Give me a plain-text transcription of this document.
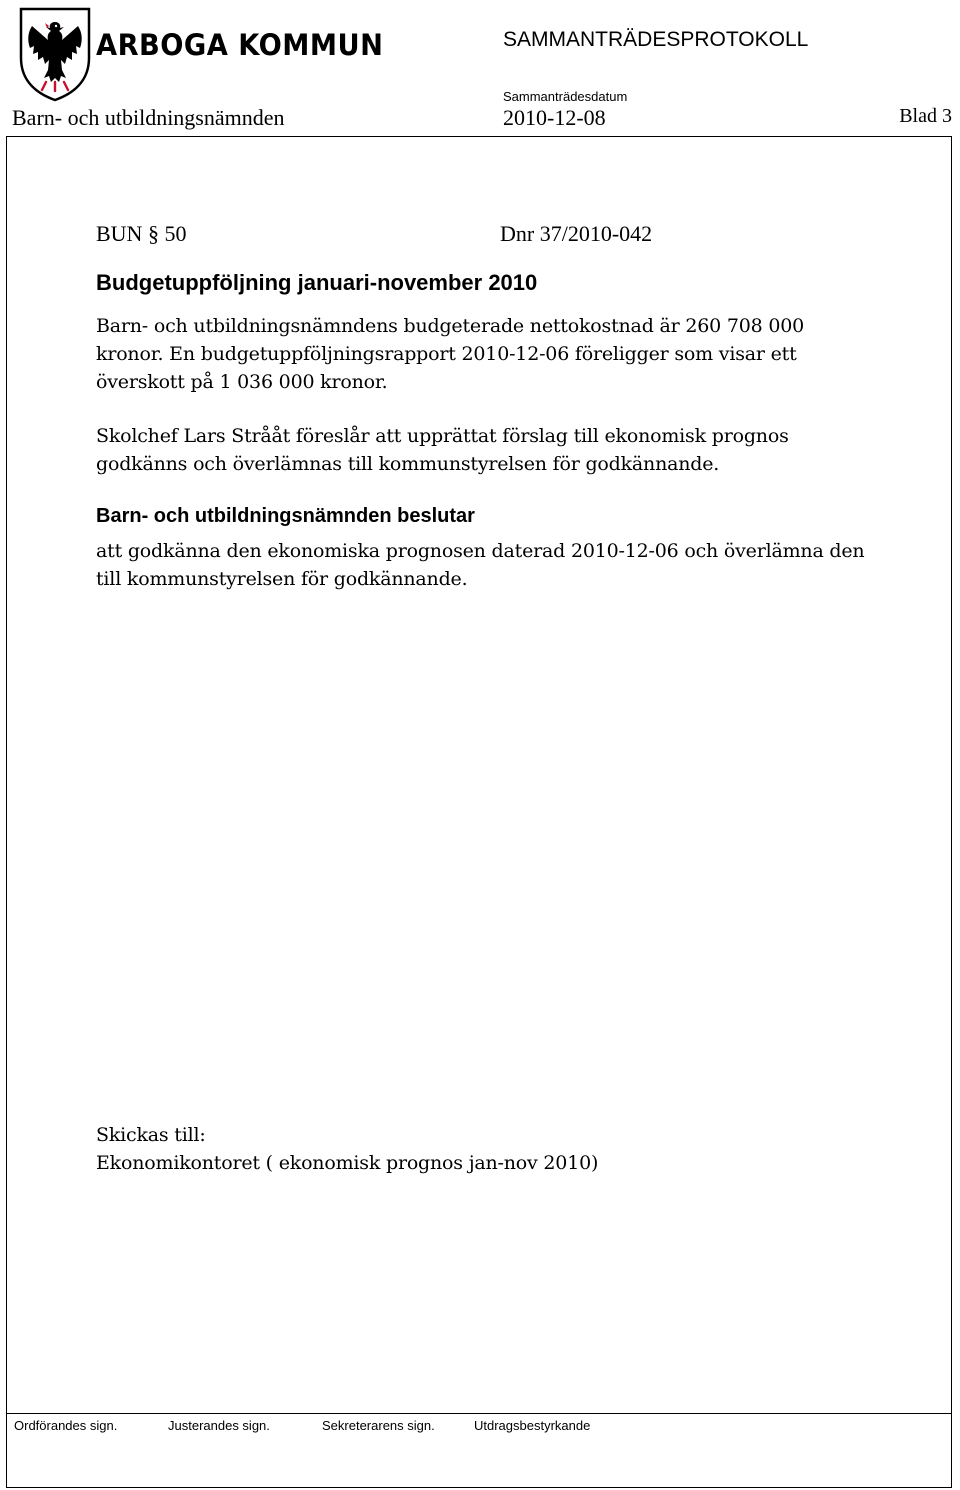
ARBOGA KOMMUN	SAMMANTRÄDESPROTOKOLL
Sammanträdesdatum
Barn- och utbildningsnämnden	2010-12-08	Blad 3
BUN § 50	Dnr 37/2010-042
Budgetuppföljning januari-november 2010
Barn- och utbildningsnämndens budgeterade nettokostnad är 260 708 000 kronor. En budgetuppföljningsrapport 2010-12-06 föreligger som visar ett överskott på 1 036 000 kronor.
Skolchef Lars Strååt föreslår att upprättat förslag till ekonomisk prognos godkänns och överlämnas till kommunstyrelsen för godkännande.
Barn- och utbildningsnämnden beslutar
att godkänna den ekonomiska prognosen daterad 2010-12-06 och överlämna den till kommunstyrelsen för godkännande.
Skickas till:
Ekonomikontoret ( ekonomisk prognos jan-nov 2010)
Ordförandes sign.	Justerandes sign.	Sekreterarens sign.	Utdragsbestyrkande
